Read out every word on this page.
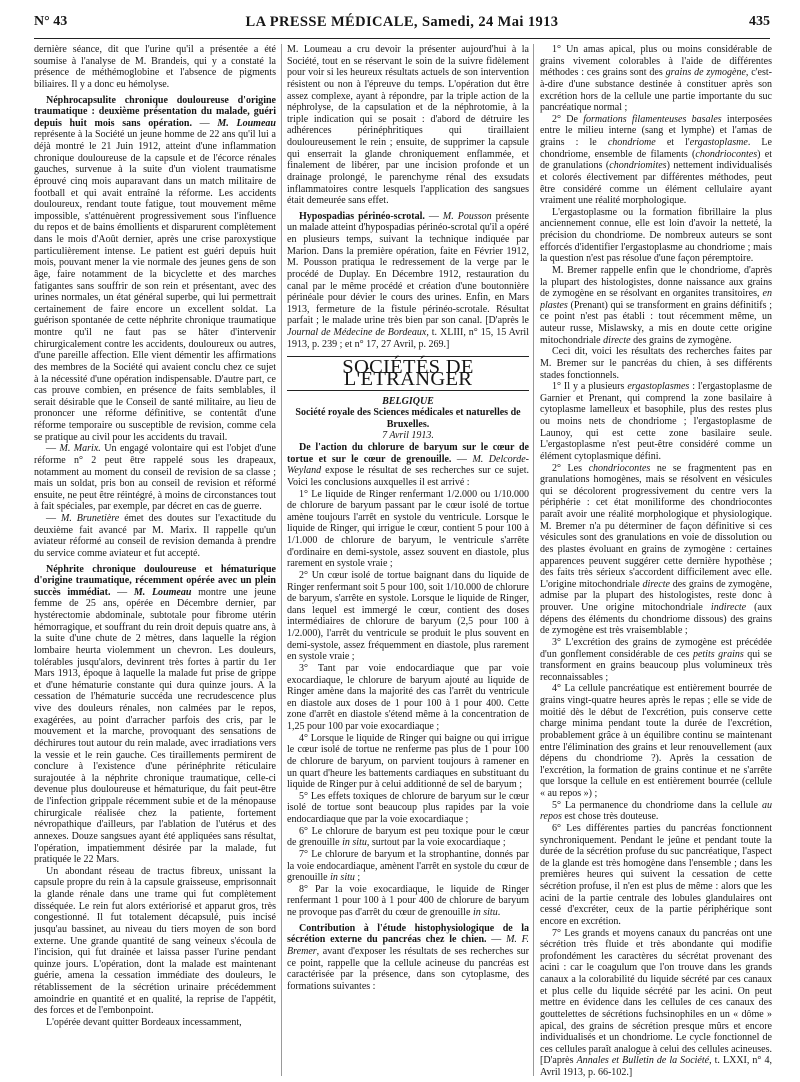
N° 43	LA PRESSE MÉDICALE, Samedi, 24 Mai 1913	435

dernière séance, dit que l'urine qu'il a présentée a été soumise à l'analyse de M. Brandeis, qui y a constaté la présence de méthémoglobine et l'absence de pigments biliaires. Il y a donc eu hémolyse.

Néphrocapsulite chronique douloureuse d'origine traumatique : deuxième présentation du malade, guéri depuis huit mois sans opération. — M. Loumeau représente à la Société un jeune homme de 22 ans qu'il lui a déjà montré le 21 Juin 1912, atteint d'une inflammation chronique douloureuse de la capsule et de l'écorce rénales gauches, survenue à la suite d'un violent traumatisme éprouvé cinq mois auparavant dans un match militaire de football et qui avait entraîné la réforme. Les accidents douloureux, rendant toute fatigue, tout mouvement même impossible, s'atténuèrent progressivement sous l'influence du repos et de bains émollients et disparurent complètement dans le mois d'Août dernier, après une crise paroxystique particulièrement intense. Le patient est guéri depuis huit mois, pouvant mener la vie normale des jeunes gens de son âge, faire notamment de la bicyclette et des marches fatigantes sans souffrir de son rein et présentant, avec des urines normales, un état général superbe, qui lui permettrait certainement de faire encore un excellent soldat. La guérison spontanée de cette néphrite chronique traumatique montre qu'il ne faut pas se hâter d'intervenir chirurgicalement contre les accidents, douloureux ou autres, d'une pareille affection. Elle vient démentir les affirmations des membres de la Société qui avaient conclu chez ce sujet à la nécessité d'une opération indispensable. D'autre part, ce cas prouve combien, en présence de faits semblables, il serait désirable que le Conseil de santé militaire, au lieu de prononcer une réforme définitive, se contentât d'une réforme temporaire ou susceptible de revision, comme cela se pratique au civil pour les accidents du travail.

— M. Marix. Un engagé volontaire qui est l'objet d'une réforme n° 2 peut être rappelé sous les drapeaux, notamment au moment du conseil de revision de sa classe ; mais un soldat, pris bon au conseil de revision et réformé ensuite, ne peut être réintégré, à moins de circonstances tout à fait spéciales, par exemple, par décret en cas de guerre.

— M. Brunetière émet des doutes sur l'exactitude du deuxième fait avancé par M. Marix. Il rappelle qu'un aviateur réformé au conseil de revision demanda à prendre du service comme aviateur et fut accepté.

Néphrite chronique douloureuse et hématurique d'origine traumatique, récemment opérée avec un plein succès immédiat. — M. Loumeau montre une jeune femme de 25 ans, opérée en Décembre dernier, par hystérectomie abdominale, subtotale pour fibrome utérin hémorragique, et souffrant du rein droit depuis quatre ans, à la suite d'une chute de 2 mètres, dans laquelle la région lombaire heurta violemment un chevron. Les douleurs, tolérables jusqu'alors, devinrent très fortes à partir du 1er Mars 1913, époque à laquelle la malade fut prise de grippe et d'une hématurie constante qui dura quinze jours. A la cessation de l'hématurie succéda une recrudescence plus vive des douleurs rénales, non calmées par le repos, exagérées, au point d'arracher parfois des cris, par le mouvement et la marche, provoquant des sensations de déchirures tout autour du rein malade, avec irradiations vers la vessie et le rein gauche. Ces tiraillements permirent de conclure à l'existence d'une périnéphrite réticulaire surajoutée à la néphrite chronique traumatique, celle-ci devenue plus douloureuse et hématurique, du fait peut-être de l'infection grippale récemment subie et de la ménopause chirurgicale réalisée chez la patiente, fortement névropathique d'ailleurs, par l'ablation de l'utérus et des annexes. Douze sangsues ayant été appliquées sans résultat, l'opération, impatiemment désirée par la malade, fut pratiquée le 22 Mars.

Un abondant réseau de tractus fibreux, unissant la capsule propre du rein à la capsule graisseuse, emprisonnait la glande rénale dans une trame qui fut complètement disséquée. Le rein fut alors extériorisé et apparut gros, très congestionné. Il fut totalement décapsulé, puis incisé jusqu'au bassinet, au niveau du tiers moyen de son bord externe. Une grande quantité de sang veineux s'écoula de l'incision, qui fut drainée et laissa passer l'urine pendant quinze jours. L'opération, dont la malade est maintenant guérie, amena la cessation immédiate des douleurs, le rétablissement de la sécrétion urinaire précédemment amoindrie en quantité et en qualité, la reprise de l'appétit, des forces et de l'embonpoint.

L'opérée devant quitter Bordeaux incessamment,

M. Loumeau a cru devoir la présenter aujourd'hui à la Société, tout en se réservant le soin de la suivre fidèlement pour voir si les heureux résultats actuels de son intervention résistent ou non à l'épreuve du temps. L'opération dut être assez complexe, ayant à répondre, par la triple action de la néphrolyse, de la capsulation et de la néphrotomie, à la triple indication qui se posait : d'abord de détruire les adhérences périnéphritiques qui tiraillaient douloureusement le rein ; ensuite, de supprimer la capsule qui enserrait la glande chroniquement enflammée, et finalement de libérer, par une incision profonde et un drainage prolongé, le parenchyme rénal des exsudats inflammatoires contre lesquels l'application des sangsues était demeurée sans effet.

Hypospadias périnéo-scrotal. — M. Pousson présente un malade atteint d'hypospadias périnéo-scrotal qu'il a opéré en plusieurs temps, suivant la technique indiquée par Marion. Dans la première opération, faite en Février 1912, M. Pousson pratiqua le redressement de la verge par le procédé de Duplay. En Décembre 1912, restauration du canal par le même procédé et création d'une boutonnière périnéale pour dévier le cours des urines. Enfin, en Mars 1913, fermeture de la fistule périnéo-scrotale. Résultat parfait ; le malade urine très bien par son canal. [D'après le Journal de Médecine de Bordeaux, t. XLIII, n° 15, 15 Avril 1913, p. 239 ; et n° 17, 27 Avril, p. 269.]

SOCIÉTÉS DE L'ÉTRANGER

BELGIQUE

Société royale des Sciences médicales et naturelles de Bruxelles.

7 Avril 1913.

De l'action du chlorure de baryum sur le cœur de tortue et sur le cœur de grenouille. — M. Delcorde-Weyland expose le résultat de ses recherches sur ce sujet. Voici les conclusions auxquelles il est arrivé :

1° Le liquide de Ringer renfermant 1/2.000 ou 1/10.000 de chlorure de baryum passant par le cœur isolé de tortue amène toujours l'arrêt en systole du ventricule. Lorsque le liquide de Ringer, qui irrigue le cœur, contient 5 pour 100 à 1/1.000 de chlorure de baryum, le ventricule s'arrête d'ordinaire en demi-systole, assez souvent en diastole, plus rarement en systole vraie ;

2° Un cœur isolé de tortue baignant dans du liquide de Ringer renfermant soit 5 pour 100, soit 1/10.000 de chlorure de baryum, s'arrête en systole. Lorsque le liquide de Ringer, dans lequel est immergé le cœur, contient des doses intermédiaires de chlorure de baryum (2,5 pour 100 à 1/2.000), l'arrêt du ventricule se produit le plus souvent en demi-systole, assez fréquemment en diastole, plus rarement en systole vraie ;

3° Tant par voie endocardiaque que par voie exocardiaque, le chlorure de baryum ajouté au liquide de Ringer amène dans la majorité des cas l'arrêt du ventricule en diastole aux doses de 1 pour 100 à 1 pour 400. Cette zone d'arrêt en diastole s'étend même à la concentration de 1,25 pour 100 par voie exocardiaque ;

4° Lorsque le liquide de Ringer qui baigne ou qui irrigue le cœur isolé de tortue ne renferme pas plus de 1 pour 100 de chlorure de baryum, on parvient toujours à ramener en un quart d'heure les battements cardiaques en substituant du liquide de Ringer pur à celui additionné de sel de baryum ;

5° Les effets toxiques de chlorure de baryum sur le cœur isolé de tortue sont beaucoup plus rapides par la voie endocardiaque que par la voie exocardiaque ;

6° Le chlorure de baryum est peu toxique pour le cœur de grenouille in situ, surtout par la voie exocardiaque ;

7° Le chlorure de baryum et la strophantine, donnés par la voie endocardiaque, amènent l'arrêt en systole du cœur de grenouille in situ ;

8° Par la voie exocardiaque, le liquide de Ringer renfermant 1 pour 100 à 1 pour 400 de chlorure de baryum ne provoque pas d'arrêt du cœur de grenouille in situ.

Contribution à l'étude histophysiologique de la sécrétion externe du pancréas chez le chien. — M. F. Bremer, avant d'exposer les résultats de ses recherches sur ce point, rappelle que la cellule acineuse du pancréas est caractérisée par la présence, dans son cytoplasme, des formations suivantes :

1° Un amas apical, plus ou moins considérable de grains vivement colorables à l'aide de différentes méthodes : ces grains sont des grains de zymogène, c'est-à-dire d'une substance destinée à constituer après son excrétion hors de la cellule une partie importante du suc pancréatique normal ;

2° De formations filamenteuses basales interposées entre le milieu interne (sang et lymphe) et l'amas de grains : le chondriome et l'ergastoplasme. Le chondriome, ensemble de filaments (chondriocontes) et de granulations (chondriomites) nettement individualisés et colorés électivement par différentes méthodes, peut être considéré comme un élément cellulaire ayant vraiment une réalité morphologique.

L'ergastoplasme ou la formation fibrillaire la plus anciennement connue, elle est loin d'avoir la netteté, la précision du chondriome. De nombreux auteurs se sont efforcés d'identifier l'ergastoplasme au chondriome ; mais la question n'est pas résolue d'une façon péremptoire.

M. Bremer rappelle enfin que le chondriome, d'après la plupart des histologistes, donne naissance aux grains de zymogène en se résolvant en organites transitoires, en plastes (Prenant) qui se transforment en grains définitifs ; ce point n'est pas établi : tout récemment même, un auteur russe, Mislawsky, a mis en doute cette origine mitochondriale directe des grains de zymogène.

Ceci dit, voici les résultats des recherches faites par M. Bremer sur le pancréas du chien, à ses différents stades fonctionnels.

1° Il y a plusieurs ergastoplasmes : l'ergastoplasme de Garnier et Prenant, qui comprend la zone basilaire à cytoplasme lamelleux et basophile, plus des restes plus ou moins nets de chondriome ; l'ergastoplasme de Launoy, qui est cette zone basilaire seule. L'ergastoplasme n'est peut-être considéré comme un élément cytoplasmique défini.

2° Les chondriocontes ne se fragmentent pas en granulations homogènes, mais se résolvent en vésicules qui se décolorent progressivement du centre vers la périphérie : cet état moniliforme des chondriocontes paraît avoir une réalité morphologique et physiologique. M. Bremer n'a pu déterminer de façon définitive si ces vésicules sont des granulations en voie de dissolution ou des plastes évoluant en grains de zymogène : certaines apparences peuvent suggérer cette dernière hypothèse ; des faits très sérieux s'accordent difficilement avec elle. L'origine mitochondriale directe des grains de zymogène, admise par la plupart des histologistes, reste donc à prouver. Une origine mitochondriale indirecte (aux dépens des éléments du chondriome dissous) des grains de zymogène est très vraisemblable ;

3° L'excrétion des grains de zymogène est précédée d'un gonflement considérable de ces petits grains qui se transforment en grains beaucoup plus volumineux très reconnaissables ;

4° La cellule pancréatique est entièrement bourrée de grains vingt-quatre heures après le repas ; elle se vide de moitié dès le début de l'excrétion, puis conserve cette charge minima pendant toute la durée de l'excrétion, probablement grâce à un équilibre continu se maintenant entre l'élimination des grains et leur renouvellement (aux dépens du chondriome ?). Après la cessation de l'excrétion, la formation de grains continue et ne s'arrête que lorsque la cellule en est entièrement bourrée (cellule « au repos ») ;

5° La permanence du chondriome dans la cellule au repos est chose très douteuse.

6° Les différentes parties du pancréas fonctionnent synchroniquement. Pendant le jeûne et pendant toute la durée de la sécrétion profuse du suc pancréatique, l'aspect de la glande est très homogène dans l'ensemble ; dans les premières heures qui suivent la cessation de cette sécrétion profuse, il n'en est plus de même : alors que les acini de la partie centrale des lobules glandulaires ont cessé d'excréter, ceux de la partie périphérique sont encore en excrétion.

7° Les grands et moyens canaux du pancréas ont une sécrétion très fluide et très abondante qui modifie profondément les caractères du sécrétat provenant des acini : car le coagulum que l'on trouve dans les grands canaux a la colorabilité du liquide sécrété par ces canaux et plus celle du liquide sécrété par les acini. On peut mettre en évidence dans les cellules de ces canaux des gouttelettes de sécrétions fuchsinophiles en un « dôme » apical, des grains de sécrétion presque mûrs et encore individualisés et un chondriome. Le cycle fonctionnel de ces cellules paraît analogue à celui des cellules acineuses. [D'après Annales et Bulletin de la Société, t. LXXI, n° 4, Avril 1913, p. 66-102.]
